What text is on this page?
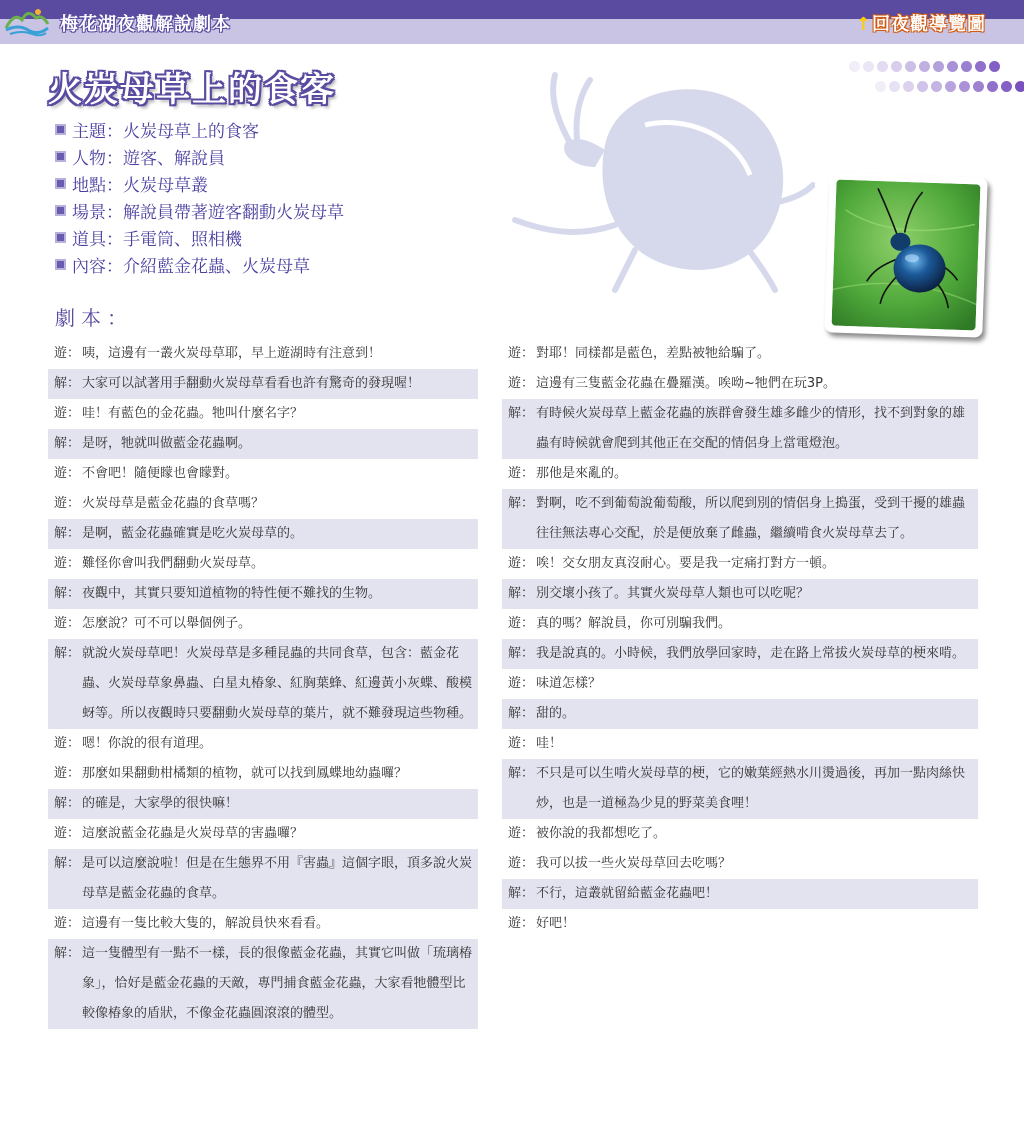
梅花湖夜觀解說劇本	↑回夜觀導覽圖
火炭母草上的食客
主題 ： 火炭母草上的食客
人物 ： 遊客、解說員
地點 ： 火炭母草叢
場景 ： 解說員帶著遊客翻動火炭母草
道具 ： 手電筒、照相機
內容 ： 介紹藍金花蟲、火炭母草
劇本：
遊： 咦，這邊有一叢火炭母草耶，早上遊湖時有注意到！
解： 大家可以試著用手翻動火炭母草看看也許有驚奇的發現喔！
遊： 哇！有藍色的金花蟲。牠叫什麼名字？
解： 是呀，牠就叫做藍金花蟲啊。
遊： 不會吧！隨便矇也會矇對。
遊： 火炭母草是藍金花蟲的食草嗎？
解： 是啊，藍金花蟲確實是吃火炭母草的。
遊： 難怪你會叫我們翻動火炭母草。
解： 夜觀中，其實只要知道植物的特性便不難找的生物。
遊： 怎麼說？可不可以舉個例子。
解： 就說火炭母草吧！火炭母草是多種昆蟲的共同食草，包含：藍金花蟲、火炭母草象鼻蟲、白星丸椿象、紅胸葉蜂、紅邊黃小灰蝶、酸模蚜等。所以夜觀時只要翻動火炭母草的葉片，就不難發現這些物種。
遊： 嗯！你說的很有道理。
遊： 那麼如果翻動柑橘類的植物，就可以找到鳳蝶地幼蟲囉？
解： 的確是，大家學的很快嘛！
遊： 這麼說藍金花蟲是火炭母草的害蟲囉？
解： 是可以這麼說啦！但是在生態界不用『害蟲』這個字眼，頂多說火炭母草是藍金花蟲的食草。
遊： 這邊有一隻比較大隻的，解說員快來看看。
解： 這一隻體型有一點不一樣，長的很像藍金花蟲，其實它叫做「琉璃椿象」，恰好是藍金花蟲的天敵，專門捕食藍金花蟲，大家看牠體型比較像椿象的盾狀，不像金花蟲圓滾滾的體型。
遊： 對耶！同樣都是藍色，差點被牠給騙了。
遊： 這邊有三隻藍金花蟲在疊羅漢。唉呦~牠們在玩3P。
解： 有時候火炭母草上藍金花蟲的族群會發生雄多雌少的情形，找不到對象的雄蟲有時候就會爬到其他正在交配的情侶身上當電燈泡。
遊： 那他是來亂的。
解： 對啊，吃不到葡萄說葡萄酸，所以爬到別的情侶身上搗蛋，受到干擾的雄蟲往往無法專心交配，於是便放棄了雌蟲，繼續啃食火炭母草去了。
遊： 唉！交女朋友真沒耐心。要是我一定痛打對方一頓。
解： 別交壞小孩了。其實火炭母草人類也可以吃呢？
遊： 真的嗎？解說員，你可別騙我們。
解： 我是說真的。小時候，我們放學回家時，走在路上常拔火炭母草的梗來啃。
遊： 味道怎樣？
解： 甜的。
遊： 哇！
解： 不只是可以生啃火炭母草的梗，它的嫩葉經熱水川燙過後，再加一點肉絲快炒，也是一道極為少見的野菜美食哩！
遊： 被你說的我都想吃了。
遊： 我可以拔一些火炭母草回去吃嗎？
解： 不行，這叢就留給藍金花蟲吧！
遊： 好吧！
